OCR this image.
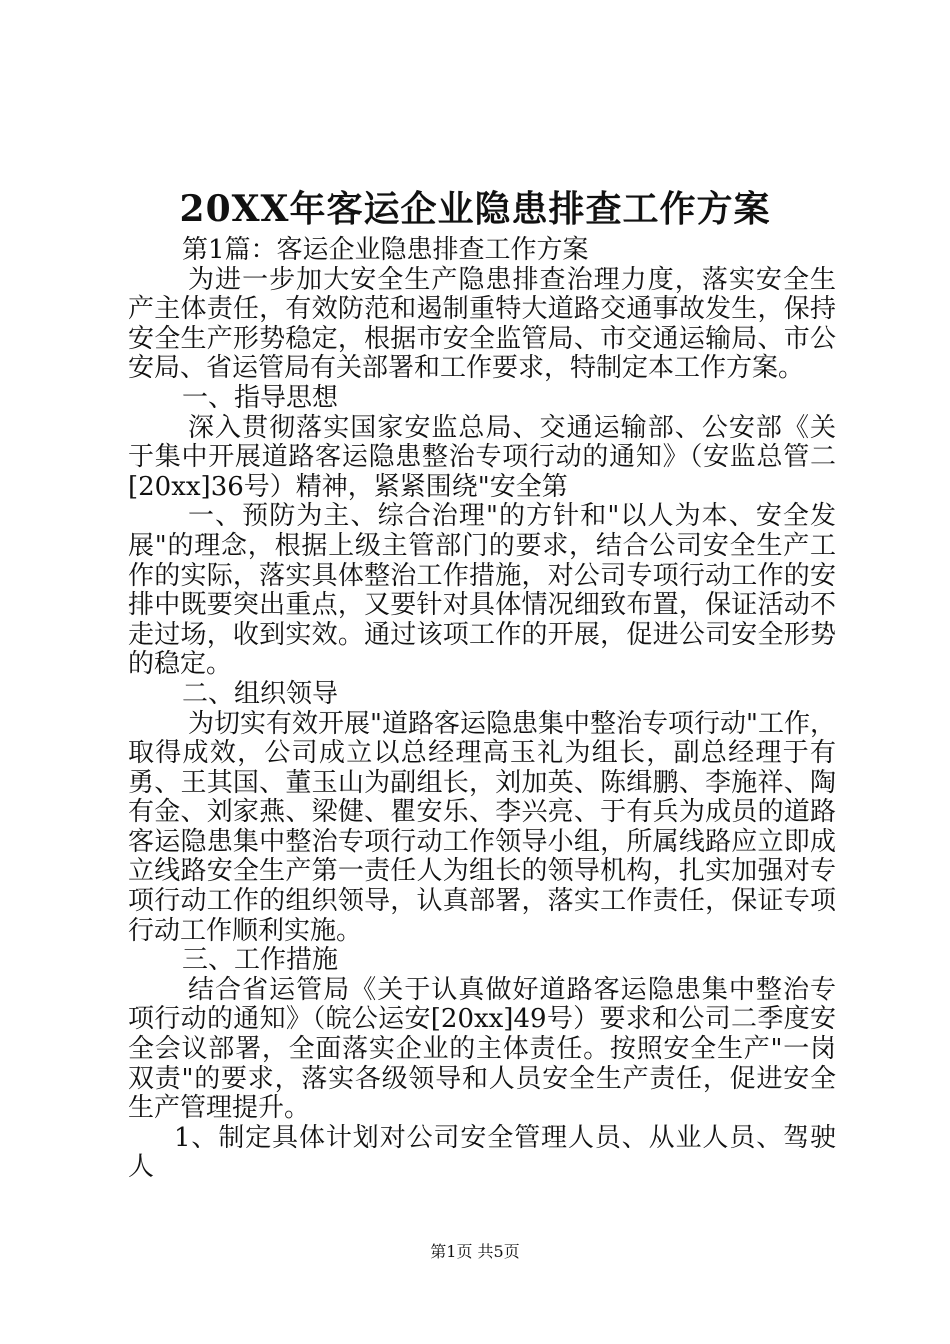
20XX年客运企业隐患排查工作方案

第1篇：客运企业隐患排查工作方案

为进一步加大安全生产隐患排查治理力度，落实安全生产主体责任，有效防范和遏制重特大道路交通事故发生，保持安全生产形势稳定，根据市安全监管局、市交通运输局、市公安局、省运管局有关部署和工作要求，特制定本工作方案。

一、指导思想

深入贯彻落实国家安监总局、交通运输部、公安部《关于集中开展道路客运隐患整治专项行动的通知》（安监总管二[20xx]36号）精神，紧紧围绕"安全第

一、预防为主、综合治理"的方针和"以人为本、安全发展"的理念，根据上级主管部门的要求，结合公司安全生产工作的实际，落实具体整治工作措施，对公司专项行动工作的安排中既要突出重点，又要针对具体情况细致布置，保证活动不走过场，收到实效。通过该项工作的开展，促进公司安全形势的稳定。

二、组织领导

为切实有效开展"道路客运隐患集中整治专项行动"工作，取得成效，公司成立以总经理高玉礼为组长，副总经理于有勇、王其国、董玉山为副组长，刘加英、陈缉鹏、李施祥、陶有金、刘家燕、梁健、瞿安乐、李兴亮、于有兵为成员的道路客运隐患集中整治专项行动工作领导小组，所属线路应立即成立线路安全生产第一责任人为组长的领导机构，扎实加强对专项行动工作的组织领导，认真部署，落实工作责任，保证专项行动工作顺利实施。

三、工作措施

结合省运管局《关于认真做好道路客运隐患集中整治专项行动的通知》（皖公运安[20xx]49号）要求和公司二季度安全会议部署，全面落实企业的主体责任。按照安全生产"一岗双责"的要求，落实各级领导和人员安全生产责任，促进安全生产管理提升。

1、制定具体计划对公司安全管理人员、从业人员、驾驶人

第1页 共5页
